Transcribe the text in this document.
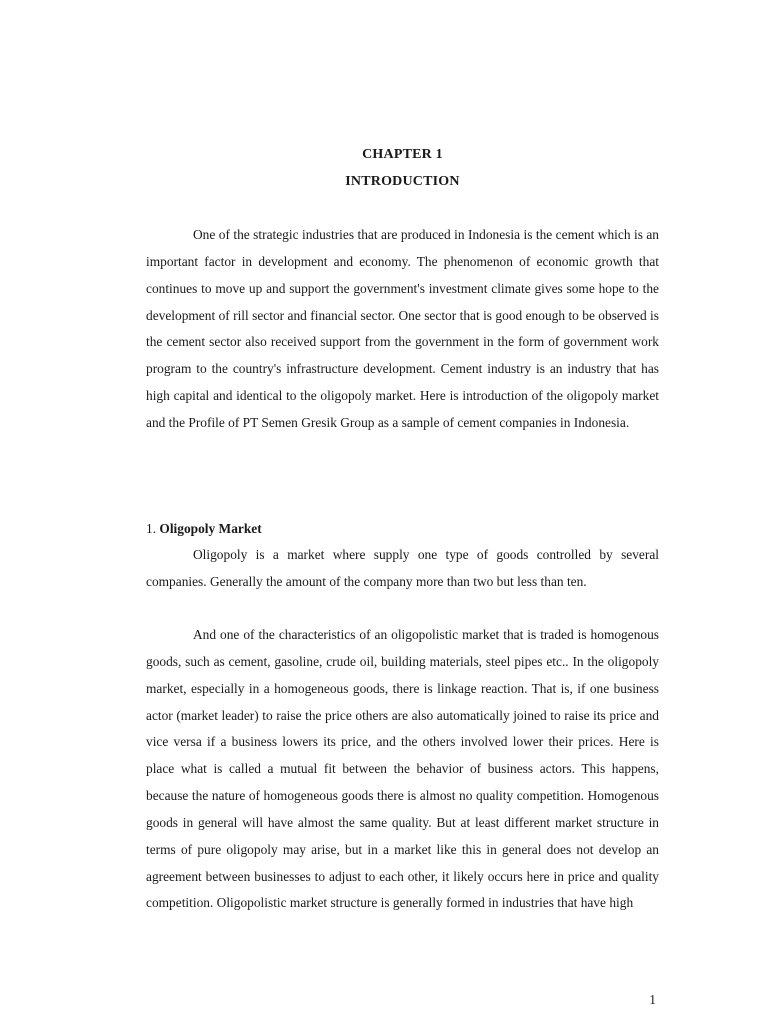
CHAPTER 1
INTRODUCTION

One of the strategic industries that are produced in Indonesia is the cement which is an important factor in development and economy. The phenomenon of economic growth that continues to move up and support the government's investment climate gives some hope to the development of rill sector and financial sector. One sector that is good enough to be observed is the cement sector also received support from the government in the form of government work program to the country's infrastructure development. Cement industry is an industry that has high capital and identical to the oligopoly market. Here is introduction of the oligopoly market and the Profile of PT Semen Gresik Group as a sample of cement companies in Indonesia.

1. Oligopoly Market

Oligopoly is a market where supply one type of goods controlled by several companies. Generally the amount of the company more than two but less than ten.

And one of the characteristics of an oligopolistic market that is traded is homogenous goods, such as cement, gasoline, crude oil, building materials, steel pipes etc.. In the oligopoly market, especially in a homogeneous goods, there is linkage reaction. That is, if one business actor (market leader) to raise the price others are also automatically joined to raise its price and vice versa if a business lowers its price, and the others involved lower their prices. Here is place what is called a mutual fit between the behavior of business actors. This happens, because the nature of homogeneous goods there is almost no quality competition. Homogenous goods in general will have almost the same quality. But at least different market structure in terms of pure oligopoly may arise, but in a market like this in general does not develop an agreement between businesses to adjust to each other, it likely occurs here in price and quality competition. Oligopolistic market structure is generally formed in industries that have high

1
